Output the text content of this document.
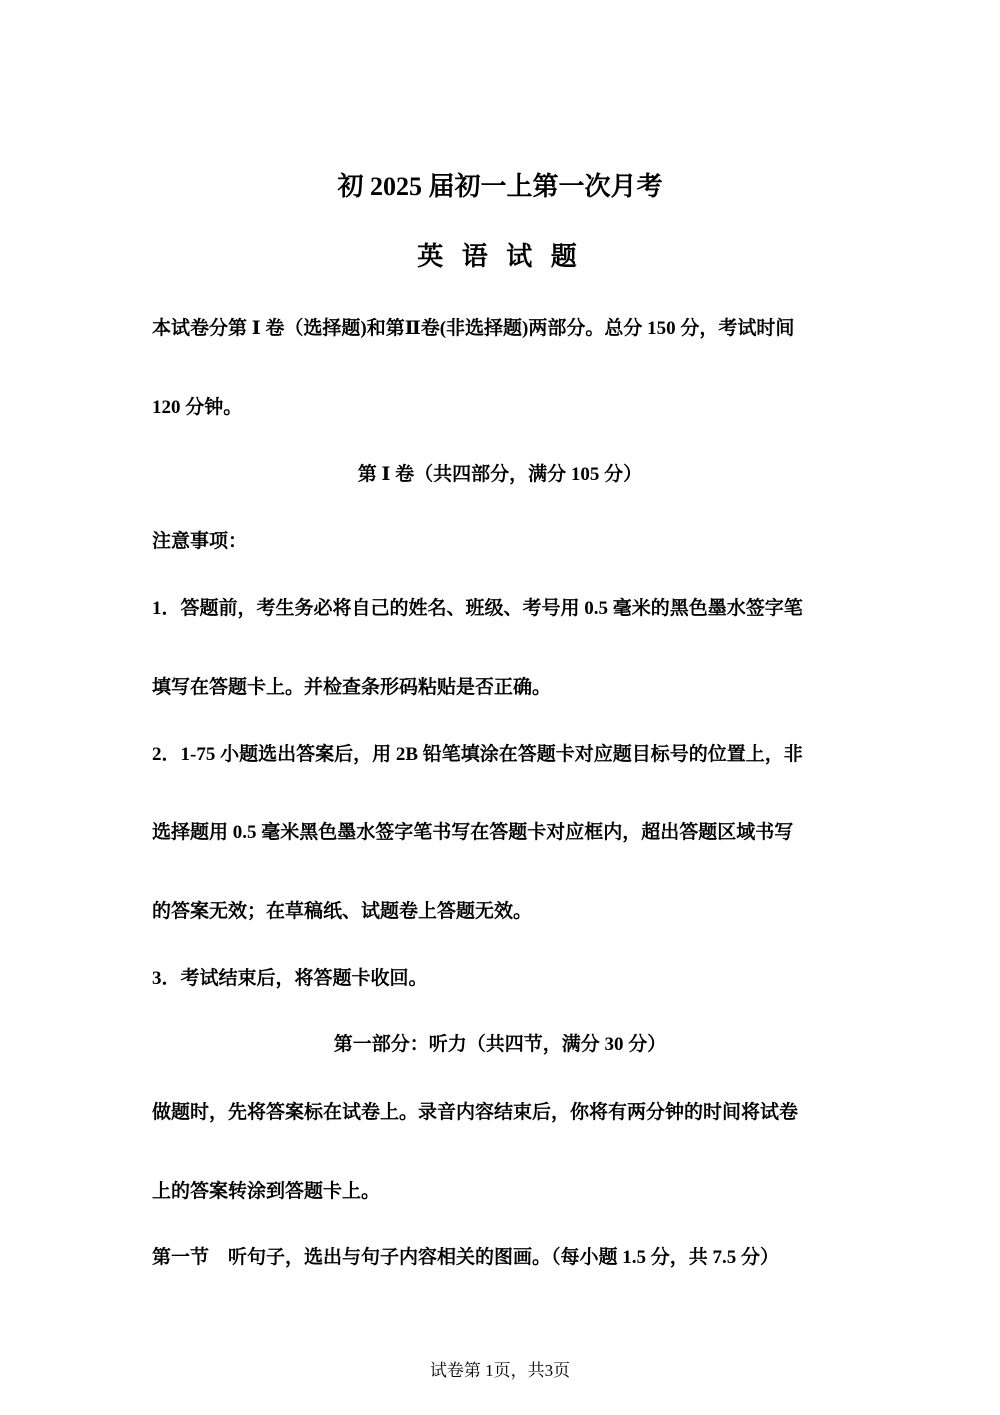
初 2025 届初一上第一次月考
英 语 试 题
本试卷分第 Ⅰ 卷（选择题)和第Ⅱ卷(非选择题)两部分。总分 150 分，考试时间
120 分钟。
第 Ⅰ 卷（共四部分，满分 105 分）
注意事项：
1．答题前，考生务必将自己的姓名、班级、考号用 0.5 毫米的黑色墨水签字笔
填写在答题卡上。并检查条形码粘贴是否正确。
2．1-75 小题选出答案后，用 2B 铅笔填涂在答题卡对应题目标号的位置上，非
选择题用 0.5 毫米黑色墨水签字笔书写在答题卡对应框内，超出答题区域书写
的答案无效；在草稿纸、试题卷上答题无效。
3．考试结束后，将答题卡收回。
第一部分：听力（共四节，满分 30 分）
做题时，先将答案标在试卷上。录音内容结束后，你将有两分钟的时间将试卷
上的答案转涂到答题卡上。
第一节　听句子，选出与句子内容相关的图画。（每小题 1.5 分，共 7.5 分）
试卷第 1页，共3页
